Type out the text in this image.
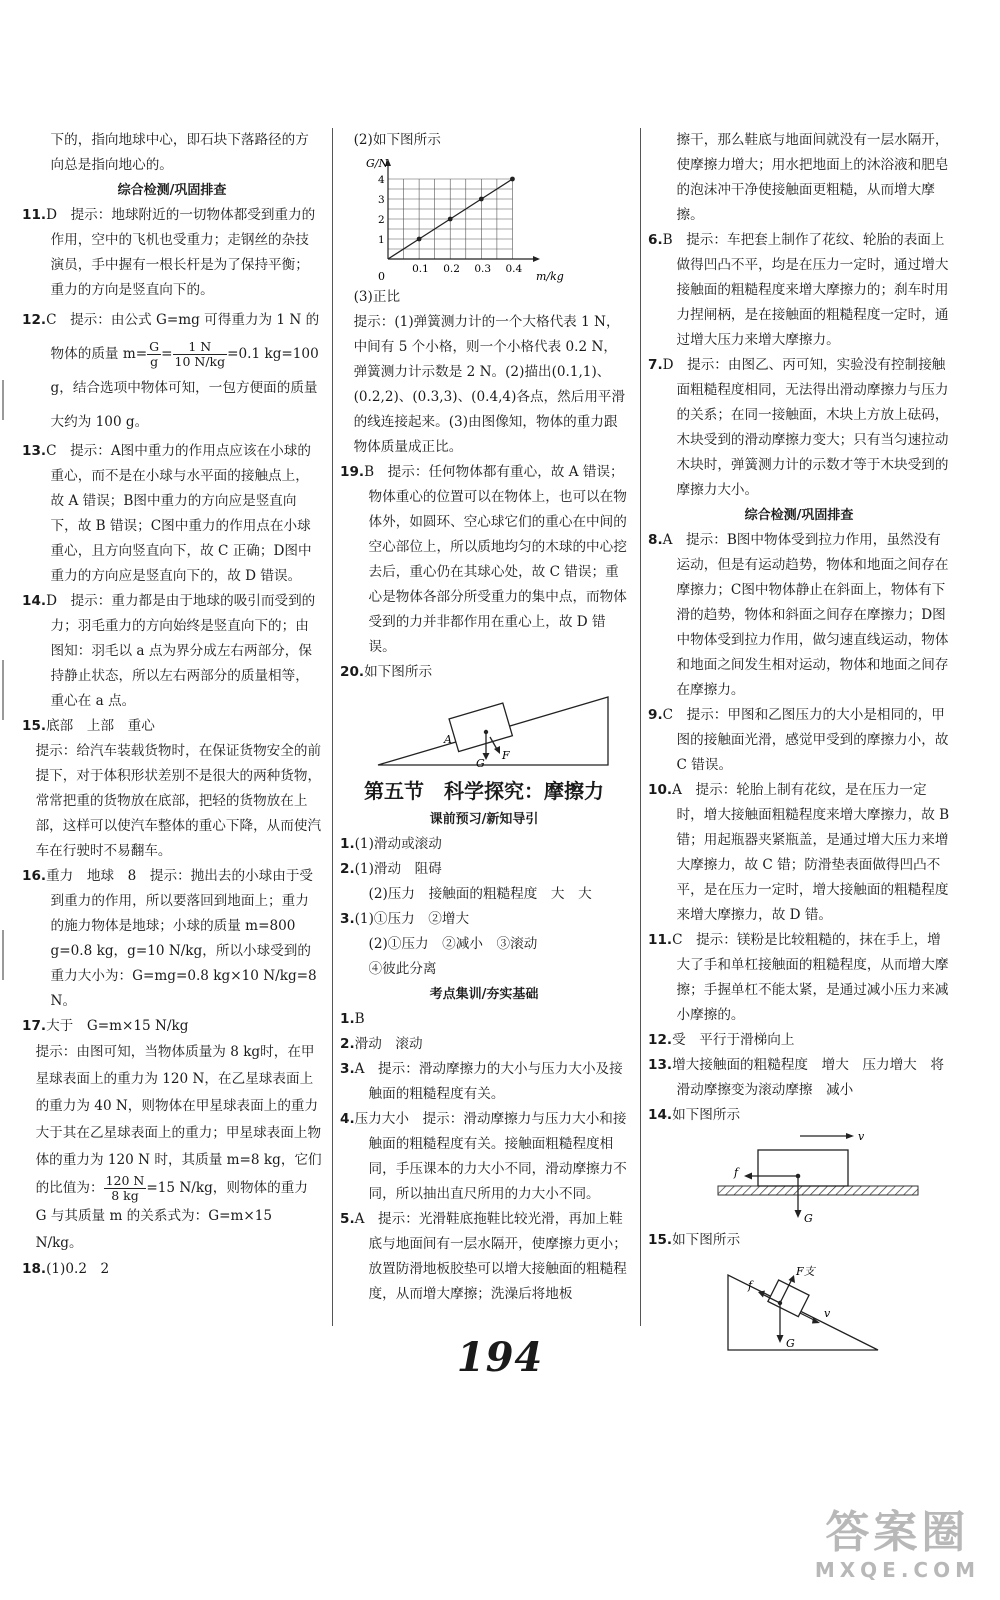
下的，指向地球中心，即石块下落路径的方向总是指向地心的。

综合检测/巩固排查

11.D　提示：地球附近的一切物体都受到重力的作用，空中的飞机也受重力；走钢丝的杂技演员，手中握有一根长杆是为了保持平衡；重力的方向是竖直向下的。

12.C　提示：由公式 G=mg 可得重力为 1 N 的物体的质量 $m= \frac{G}{g} = \frac{1 N}{10 N/kg} =0.1$ kg=100 g，结合选项中物体可知，一包方便面的质量大约为 100 g。

13.C　提示：A图中重力的作用点应该在小球的重心，而不是在小球与水平面的接触点上，故 A 错误；B图中重力的方向应是竖直向下，故 B 错误；C图中重力的作用点在小球重心，且方向竖直向下，故 C 正确；D图中重力的方向应是竖直向下的，故 D 错误。

14.D　提示：重力都是由于地球的吸引而受到的力；羽毛重力的方向始终是竖直向下的；由图知：羽毛以 a 点为界分成左右两部分，保持静止状态，所以左右两部分的质量相等，重心在 a 点。

15.底部　上部　重心

提示：给汽车装载货物时，在保证货物安全的前提下，对于体积形状差别不是很大的两种货物，常常把重的货物放在底部，把轻的货物放在上部，这样可以使汽车整体的重心下降，从而使汽车在行驶时不易翻车。

16.重力　地球　8　提示：抛出去的小球由于受到重力的作用，所以要落回到地面上；重力的施力物体是地球；小球的质量 m=800 g=0.8 kg，g=10 N/kg，所以小球受到的重力大小为：G=mg=0.8 kg×10 N/kg=8 N。

17.大于　G=m×15 N/kg

提示：由图可知，当物体质量为 8 kg时，在甲星球表面上的重力为 120 N，在乙星球表面上的重力为 40 N，则物体在甲星球表面上的重力大于其在乙星球表面上的重力；甲星球表面上物体的重力为 120 N 时，其质量 m=8 kg，它们的比值为： $\frac{120 N}{8 kg} =15$ N/kg，则物体的重力 G 与其质量 m 的关系式为：G=m×15 N/kg。

18.(1)0.2　2

(2)如下图所示

0.1 0.2 0.3 0.4
1
2
3
4
G/N
m/kg
0

(3)正比

提示：(1)弹簧测力计的一个大格代表 1 N，中间有 5 个小格，则一个小格代表 0.2 N，弹簧测力计示数是 2 N。(2)描出(0.1,1)、(0.2,2)、(0.3,3)、(0.4,4)各点，然后用平滑的线连接起来。(3)由图像知，物体的重力跟物体质量成正比。

19.B　提示：任何物体都有重心，故 A 错误；物体重心的位置可以在物体上，也可以在物体外，如圆环、空心球它们的重心在中间的空心部位上，所以质地均匀的木球的中心挖去后，重心仍在其球心处，故 C 错误；重心是物体各部分所受重力的集中点，而物体受到的力并非都作用在重心上，故 D 错误。

20.如下图所示

A
G
F

第五节　科学探究：摩擦力

课前预习/新知导引

1.(1)滑动或滚动

2.(1)滑动　阻碍

(2)压力　接触面的粗糙程度　大　大

3.(1)①压力　②增大

(2)①压力　②减小　③滚动

④彼此分离

考点集训/夯实基础

1.B

2.滑动　滚动

3.A　提示：滑动摩擦力的大小与压力大小及接触面的粗糙程度有关。

4.压力大小　提示：滑动摩擦力与压力大小和接触面的粗糙程度有关。接触面粗糙程度相同，手压课本的力大小不同，滑动摩擦力不同，所以抽出直尺所用的力大小不同。

5.A　提示：光滑鞋底拖鞋比较光滑，再加上鞋底与地面间有一层水隔开，使摩擦力更小；放置防滑地板胶垫可以增大接触面的粗糙程度，从而增大摩擦；洗澡后将地板

擦干，那么鞋底与地面间就没有一层水隔开，使摩擦力增大；用水把地面上的沐浴液和肥皂的泡沫冲干净使接触面更粗糙，从而增大摩擦。

6.B　提示：车把套上制作了花纹、轮胎的表面上做得凹凸不平，均是在压力一定时，通过增大接触面的粗糙程度来增大摩擦力的；刹车时用力捏闸柄，是在接触面的粗糙程度一定时，通过增大压力来增大摩擦力。

7.D　提示：由图乙、丙可知，实验没有控制接触面粗糙程度相同，无法得出滑动摩擦力与压力的关系；在同一接触面，木块上方放上砝码，木块受到的滑动摩擦力变大；只有当匀速拉动木块时，弹簧测力计的示数才等于木块受到的摩擦力大小。

综合检测/巩固排查

8.A　提示：B图中物体受到拉力作用，虽然没有运动，但是有运动趋势，物体和地面之间存在摩擦力；C图中物体静止在斜面上，物体有下滑的趋势，物体和斜面之间存在摩擦力；D图中物体受到拉力作用，做匀速直线运动，物体和地面之间发生相对运动，物体和地面之间存在摩擦力。

9.C　提示：甲图和乙图压力的大小是相同的，甲图的接触面光滑，感觉甲受到的摩擦力小，故 C 错误。

10.A　提示：轮胎上制有花纹，是在压力一定时，增大接触面粗糙程度来增大摩擦力，故 B 错；用起瓶器夹紧瓶盖，是通过增大压力来增大摩擦力，故 C 错；防滑垫表面做得凹凸不平，是在压力一定时，增大接触面的粗糙程度来增大摩擦力，故 D 错。

11.C　提示：镁粉是比较粗糙的，抹在手上，增大了手和单杠接触面的粗糙程度，从而增大摩擦；手握单杠不能太紧，是通过减小压力来减小摩擦的。

12.受　平行于滑梯向上

13.增大接触面的粗糙程度　增大　压力增大　将滑动摩擦变为滚动摩擦　减小

14.如下图所示

v
f
G

15.如下图所示

f
F支
v
G
194
答案圈
MXQE.COM
